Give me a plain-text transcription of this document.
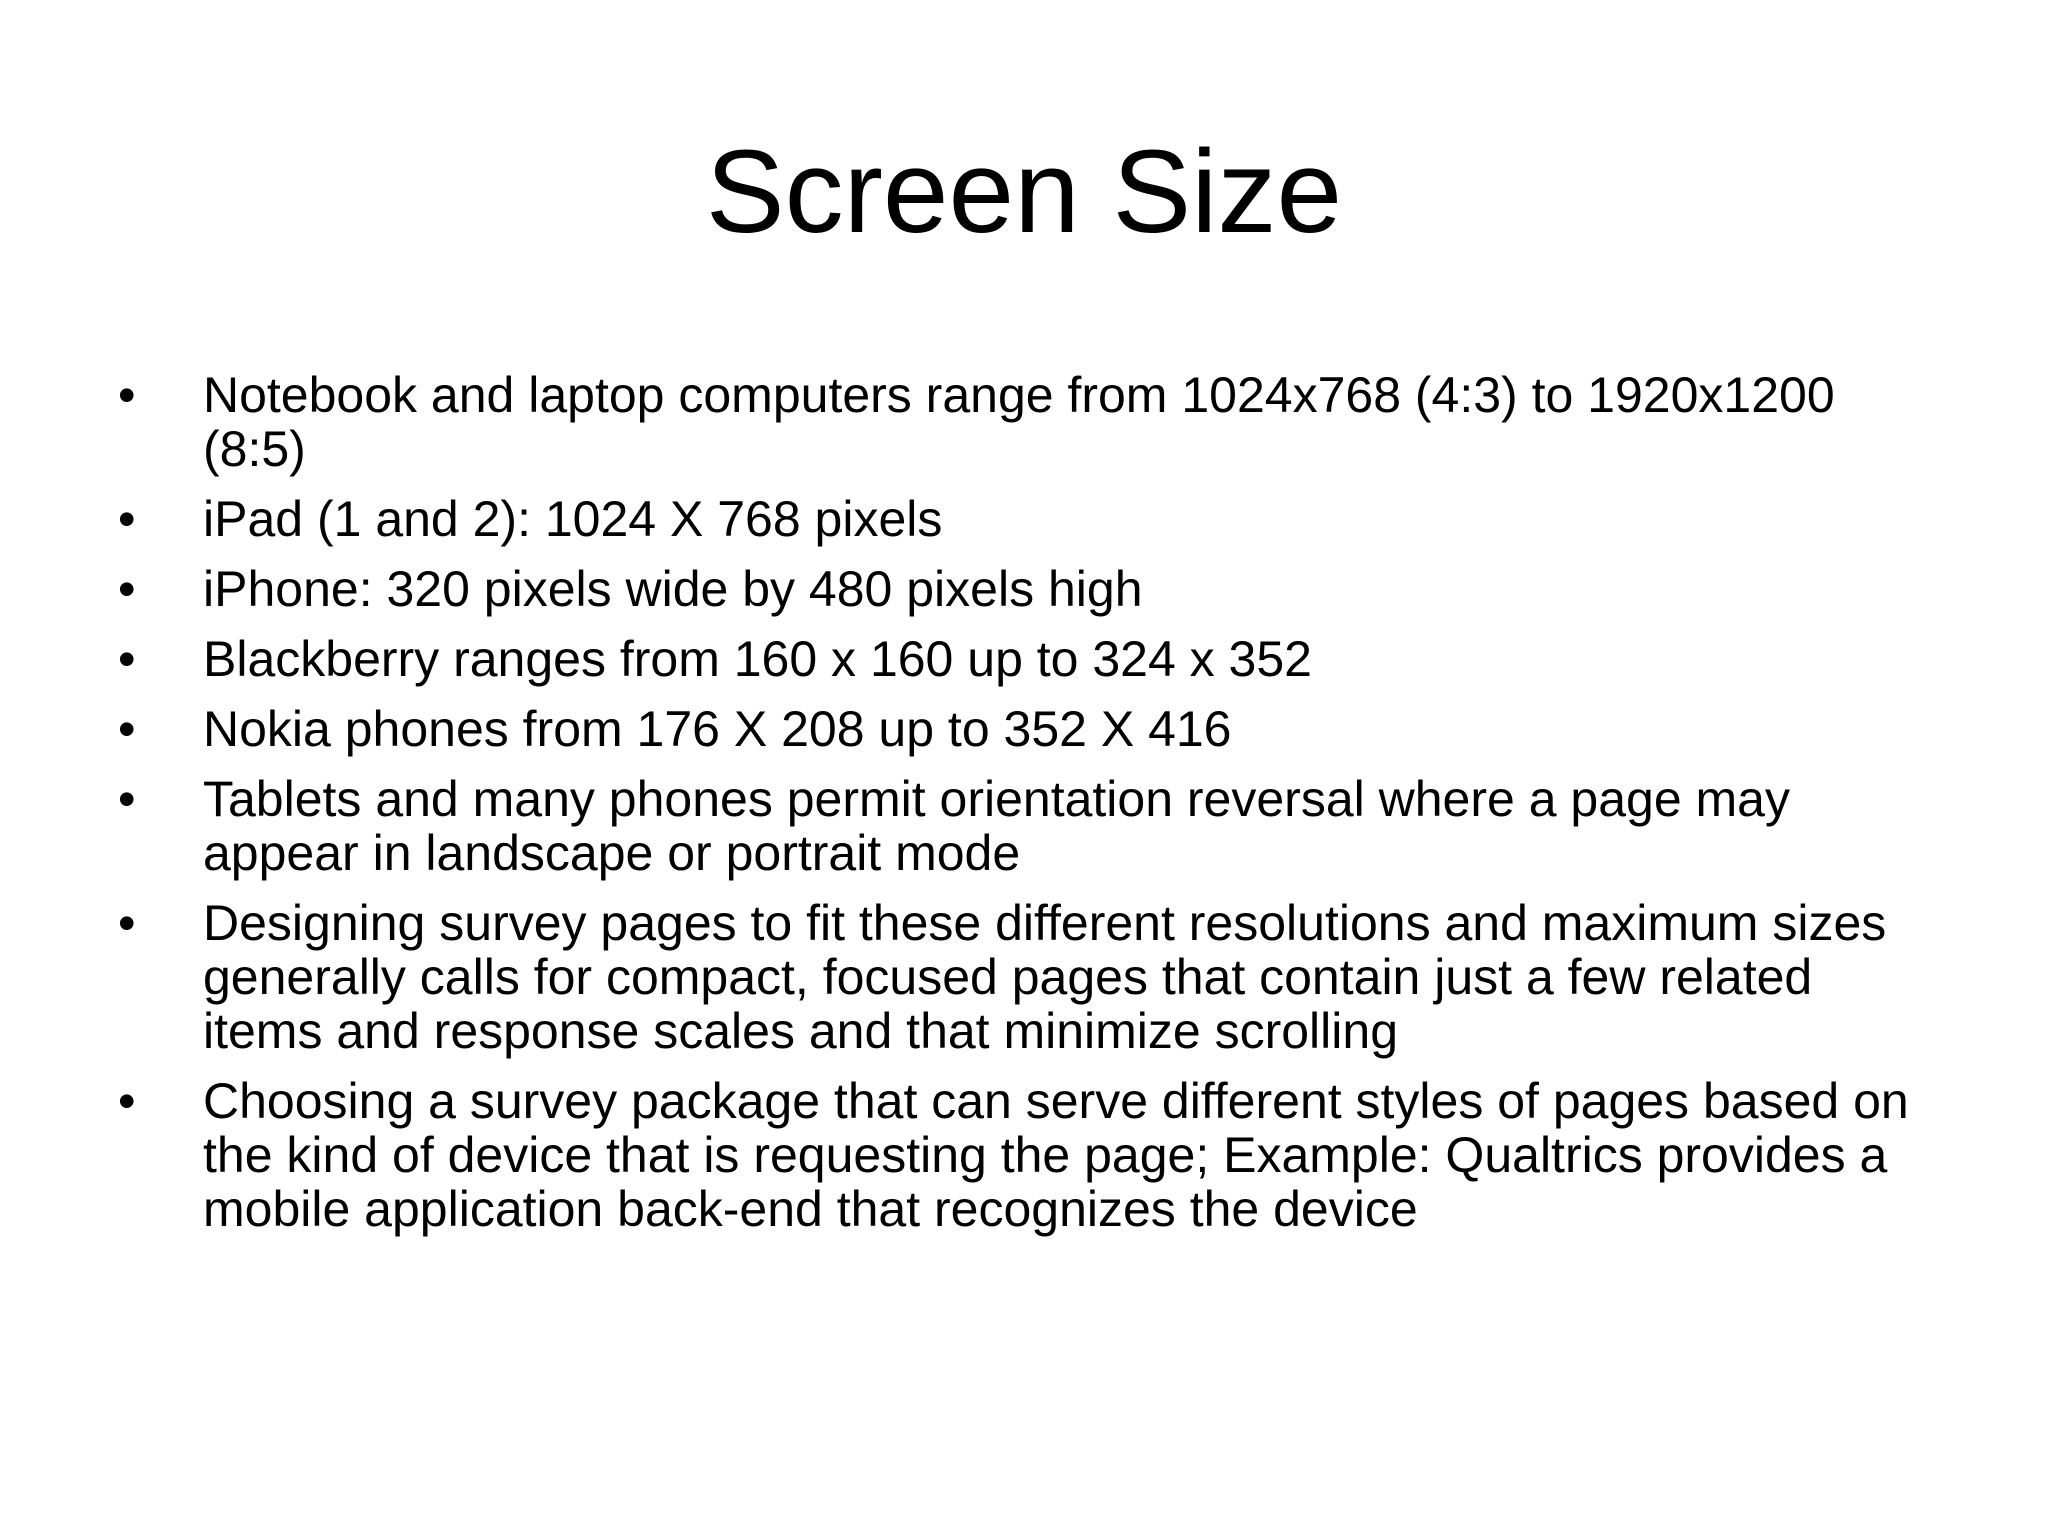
Screen Size
•	Notebook and laptop computers range from 1024x768 (4:3) to 1920x1200 (8:5)
•	iPad (1 and 2): 1024 X 768 pixels
•	iPhone: 320 pixels wide by 480 pixels high
•	Blackberry ranges from 160 x 160 up to 324 x 352
•	Nokia phones from 176 X 208 up to 352 X 416
•	Tablets and many phones permit orientation reversal where a page may appear in landscape or portrait mode
•	Designing survey pages to fit these different resolutions and maximum sizes generally calls for compact, focused pages that contain just a few related items and response scales and that minimize scrolling
•	Choosing a survey package that can serve different styles of pages based on the kind of device that is requesting the page; Example: Qualtrics provides a mobile application back-end that recognizes the device
